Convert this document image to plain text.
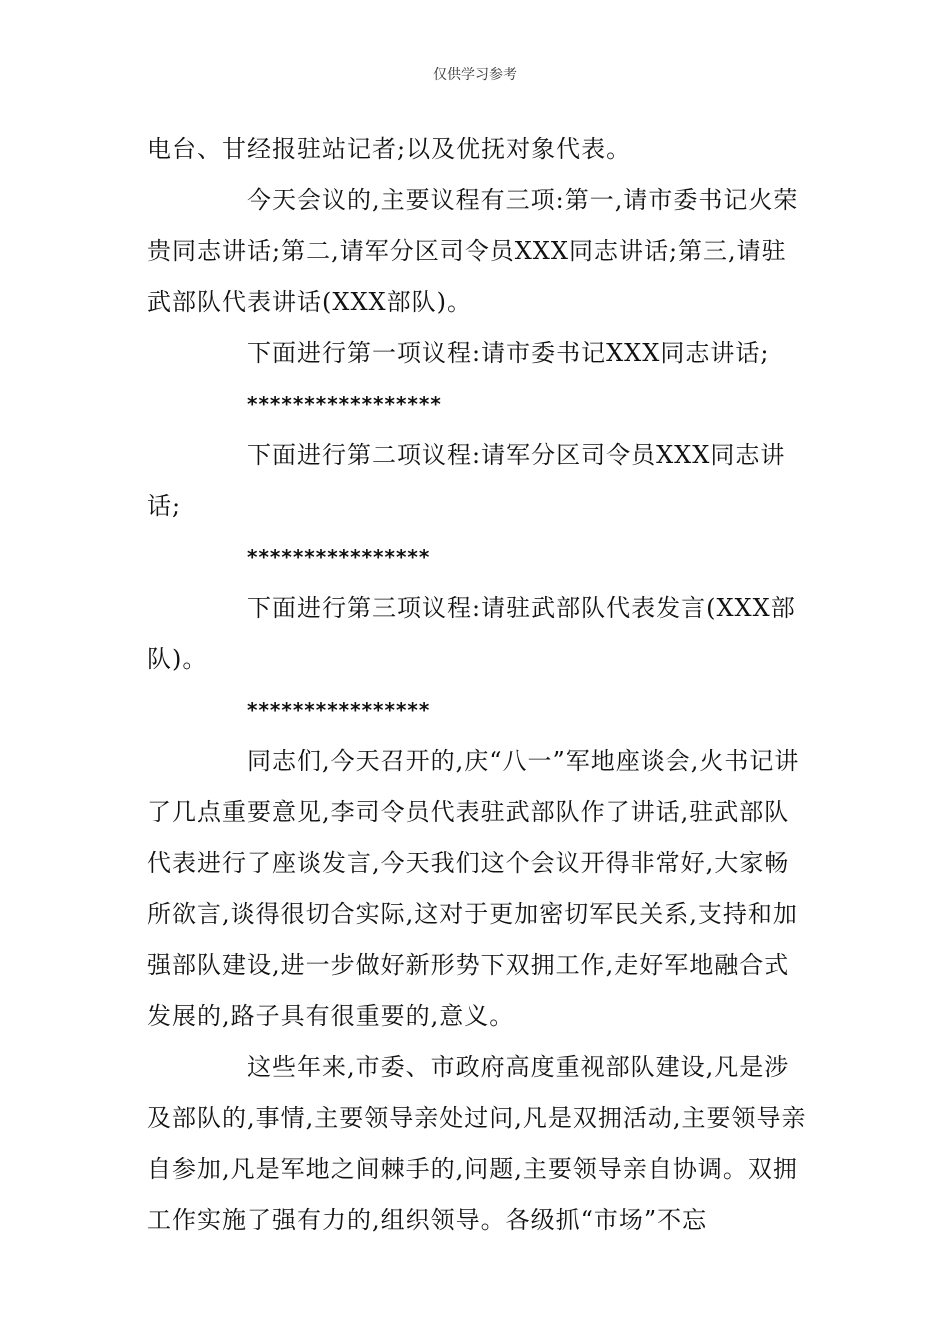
仅供学习参考

电台、甘经报驻站记者;以及优抚对象代表。

今天会议的,主要议程有三项:第一,请市委书记火荣贵同志讲话;第二,请军分区司令员XXX同志讲话;第三,请驻武部队代表讲话(XXX部队)。

下面进行第一项议程:请市委书记XXX同志讲话;

*****************

下面进行第二项议程:请军分区司令员XXX同志讲话;

****************

下面进行第三项议程:请驻武部队代表发言(XXX部队)。

****************

同志们,今天召开的,庆“八一”军地座谈会,火书记讲了几点重要意见,李司令员代表驻武部队作了讲话,驻武部队代表进行了座谈发言,今天我们这个会议开得非常好,大家畅所欲言,谈得很切合实际,这对于更加密切军民关系,支持和加强部队建设,进一步做好新形势下双拥工作,走好军地融合式发展的,路子具有很重要的,意义。

这些年来,市委、市政府高度重视部队建设,凡是涉及部队的,事情,主要领导亲处过问,凡是双拥活动,主要领导亲自参加,凡是军地之间棘手的,问题,主要领导亲自协调。双拥工作实施了强有力的,组织领导。各级抓“市场”不忘
